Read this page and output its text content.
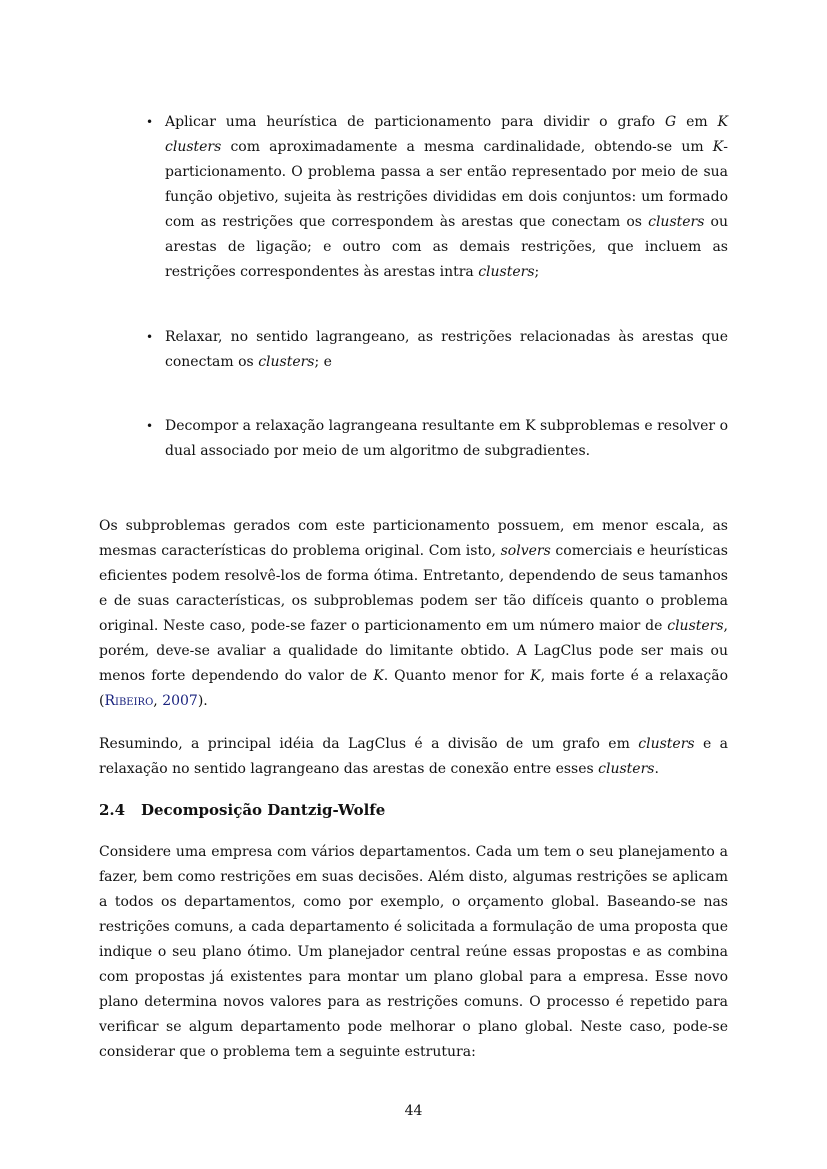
• Aplicar uma heurística de particionamento para dividir o grafo G em K clusters com aproximadamente a mesma cardinalidade, obtendo-se um K-particionamento. O problema passa a ser então representado por meio de sua função objetivo, sujeita às restrições divididas em dois conjuntos: um formado com as restrições que correspondem às arestas que conectam os clusters ou arestas de ligação; e outro com as demais restrições, que incluem as restrições correspondentes às arestas intra clusters;
• Relaxar, no sentido lagrangeano, as restrições relacionadas às arestas que conectam os clusters; e
• Decompor a relaxação lagrangeana resultante em K subproblemas e resolver o dual associado por meio de um algoritmo de subgradientes.

Os subproblemas gerados com este particionamento possuem, em menor escala, as mesmas características do problema original. Com isto, solvers comerciais e heurísticas eficientes podem resolvê-los de forma ótima. Entretanto, dependendo de seus tamanhos e de suas características, os subproblemas podem ser tão difíceis quanto o problema original. Neste caso, pode-se fazer o particionamento em um número maior de clusters, porém, deve-se avaliar a qualidade do limitante obtido. A LagClus pode ser mais ou menos forte dependendo do valor de K. Quanto menor for K, mais forte é a relaxação (Ribeiro, 2007).

Resumindo, a principal idéia da LagClus é a divisão de um grafo em clusters e a relaxação no sentido lagrangeano das arestas de conexão entre esses clusters.

2.4 Decomposição Dantzig-Wolfe

Considere uma empresa com vários departamentos. Cada um tem o seu planejamento a fazer, bem como restrições em suas decisões. Além disto, algumas restrições se aplicam a todos os departamentos, como por exemplo, o orçamento global. Baseando-se nas restrições comuns, a cada departamento é solicitada a formulação de uma proposta que indique o seu plano ótimo. Um planejador central reúne essas propostas e as combina com propostas já existentes para montar um plano global para a empresa. Esse novo plano determina novos valores para as restrições comuns. O processo é repetido para verificar se algum departamento pode melhorar o plano global. Neste caso, pode-se considerar que o problema tem a seguinte estrutura:

44
